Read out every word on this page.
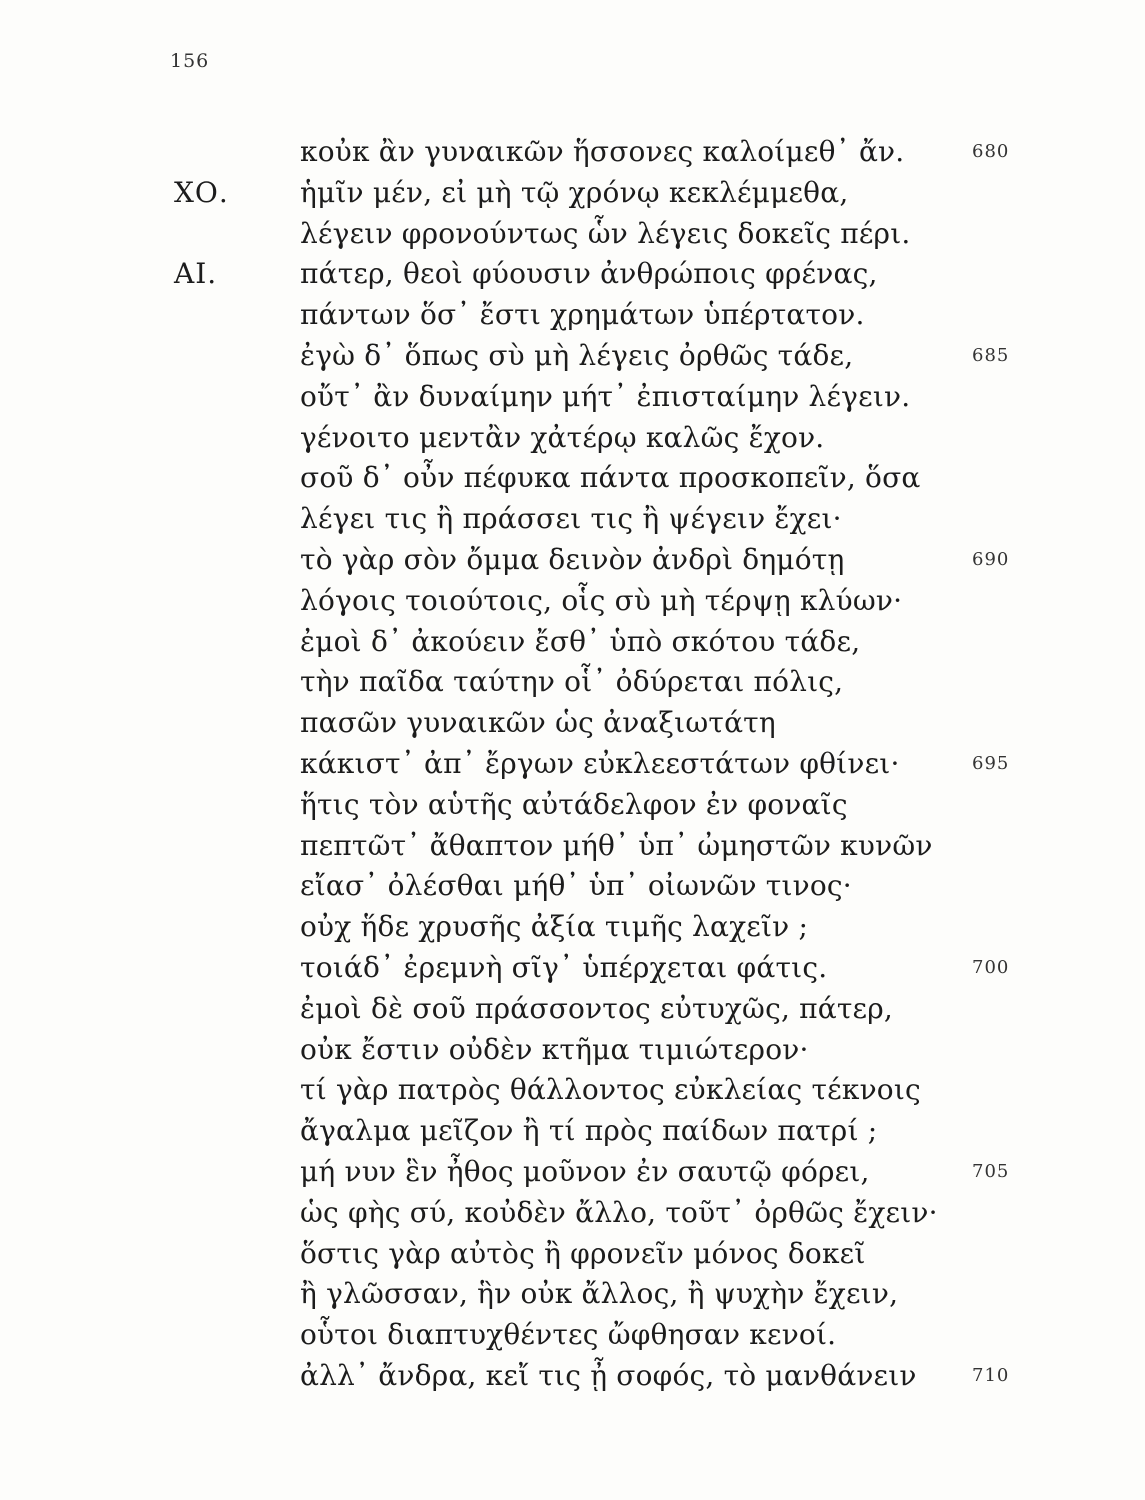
156
κοὐκ ἂν γυναικῶν ἥσσονες καλοίμεθ᾽ ἄν.	680
ΧΟ.	ἡμῖν μέν, εἰ μὴ τῷ χρόνῳ κεκλέμμεθα,
λέγειν φρονούντως ὧν λέγεις δοκεῖς πέρι.
ΑΙ.	πάτερ, θεοὶ φύουσιν ἀνθρώποις φρένας,
πάντων ὅσ᾽ ἔστι χρημάτων ὑπέρτατον.
ἐγὼ δ᾽ ὅπως σὺ μὴ λέγεις ὀρθῶς τάδε,	685
οὔτ᾽ ἂν δυναίμην μήτ᾽ ἐπισταίμην λέγειν.
γένοιτο μεντἂν χἀτέρῳ καλῶς ἔχον.
σοῦ δ᾽ οὖν πέφυκα πάντα προσκοπεῖν, ὅσα
λέγει τις ἢ πράσσει τις ἢ ψέγειν ἔχει·
τὸ γὰρ σὸν ὄμμα δεινὸν ἀνδρὶ δημότῃ	690
λόγοις τοιούτοις, οἷς σὺ μὴ τέρψῃ κλύων·
ἐμοὶ δ᾽ ἀκούειν ἔσθ᾽ ὑπὸ σκότου τάδε,
τὴν παῖδα ταύτην οἷ᾽ ὀδύρεται πόλις,
πασῶν γυναικῶν ὡς ἀναξιωτάτη
κάκιστ᾽ ἀπ᾽ ἔργων εὐκλεεστάτων φθίνει·	695
ἥτις τὸν αὑτῆς αὐτάδελφον ἐν φοναῖς
πεπτῶτ᾽ ἄθαπτον μήθ᾽ ὑπ᾽ ὠμηστῶν κυνῶν
εἴασ᾽ ὀλέσθαι μήθ᾽ ὑπ᾽ οἰωνῶν τινος·
οὐχ ἥδε χρυσῆς ἀξία τιμῆς λαχεῖν ;
τοιάδ᾽ ἐρεμνὴ σῖγ᾽ ὑπέρχεται φάτις.	700
ἐμοὶ δὲ σοῦ πράσσοντος εὐτυχῶς, πάτερ,
οὐκ ἔστιν οὐδὲν κτῆμα τιμιώτερον·
τί γὰρ πατρὸς θάλλοντος εὐκλείας τέκνοις
ἄγαλμα μεῖζον ἢ τί πρὸς παίδων πατρί ;
μή νυν ἓν ἦθος μοῦνον ἐν σαυτῷ φόρει,	705
ὡς φὴς σύ, κοὐδὲν ἄλλο, τοῦτ᾽ ὀρθῶς ἔχειν·
ὅστις γὰρ αὐτὸς ἢ φρονεῖν μόνος δοκεῖ
ἢ γλῶσσαν, ἣν οὐκ ἄλλος, ἢ ψυχὴν ἔχειν,
οὗτοι διαπτυχθέντες ὤφθησαν κενοί.
ἀλλ᾽ ἄνδρα, κεἴ τις ᾖ σοφός, τὸ μανθάνειν	710
